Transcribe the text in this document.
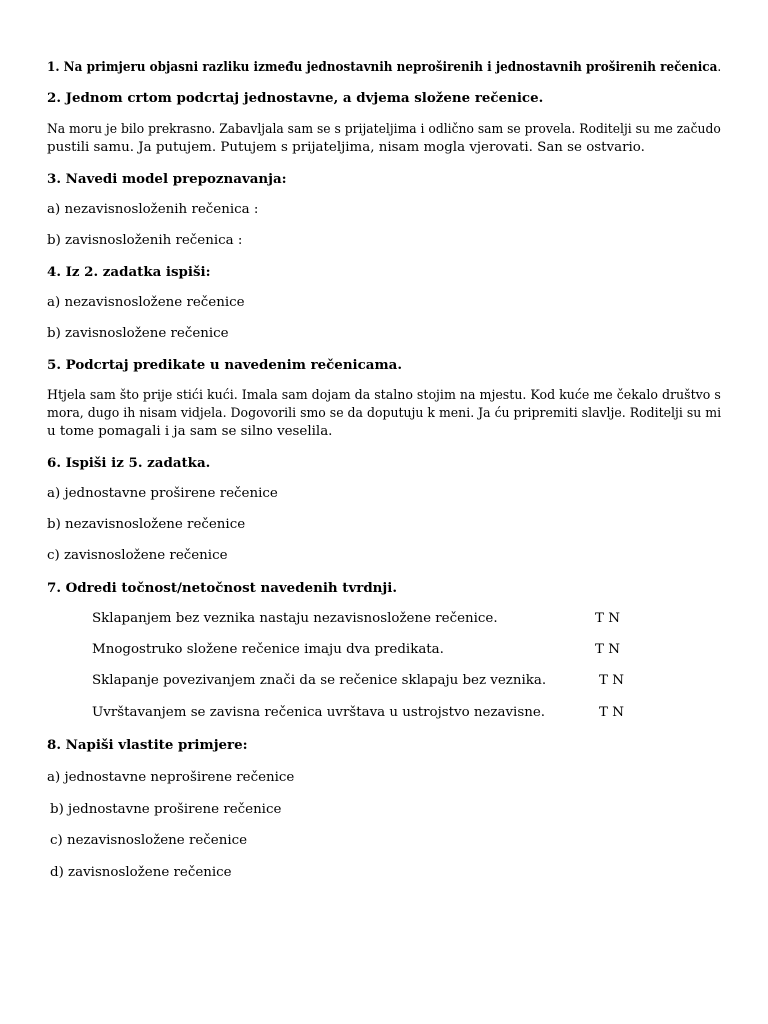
1. Na primjeru objasni razliku između jednostavnih neproširenih i jednostavnih proširenih rečenica.
2. Jednom crtom podcrtaj jednostavne, a dvjema složene rečenice.
Na moru je bilo prekrasno. Zabavljala sam se s prijateljima i odlično sam se provela. Roditelji su me začudo
pustili samu. Ja putujem. Putujem s prijateljima, nisam mogla vjerovati. San se ostvario.
3. Navedi model prepoznavanja:
a) nezavisnosloženih rečenica :
b) zavisnosloženih rečenica :
4. Iz 2. zadatka ispiši:
a) nezavisnosložene rečenice
b) zavisnosložene rečenice
5. Podcrtaj predikate u navedenim rečenicama.
Htjela sam što prije stići kući. Imala sam dojam da stalno stojim na mjestu. Kod kuće me čekalo društvo s
mora, dugo ih nisam vidjela. Dogovorili smo se da doputuju k meni. Ja ću pripremiti slavlje. Roditelji su mi
u tome pomagali i ja sam se silno veselila.
6. Ispiši iz 5. zadatka.
a) jednostavne proširene rečenice
b) nezavisnosložene rečenice
c) zavisnosložene rečenice
7. Odredi točnost/netočnost navedenih tvrdnji.
Sklapanjem bez veznika nastaju nezavisnosložene rečenice.	T N
Mnogostruko složene rečenice imaju dva predikata.	T N
Sklapanje povezivanjem znači da se rečenice sklapaju bez veznika.	T N
Uvrštavanjem se zavisna rečenica uvrštava u ustrojstvo nezavisne.	T N
8. Napiši vlastite primjere:
a) jednostavne neproširene rečenice
b) jednostavne proširene rečenice
c) nezavisnosložene rečenice
d) zavisnosložene rečenice
